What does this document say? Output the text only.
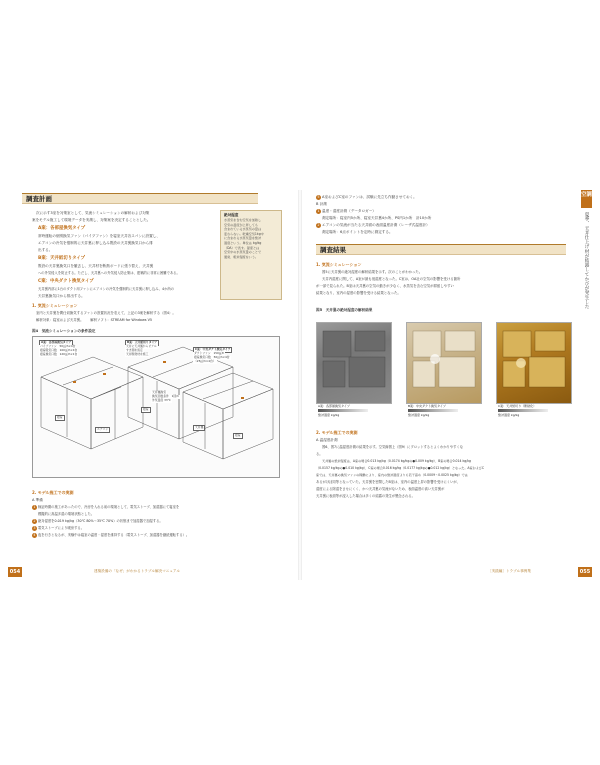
調査計画
次に示す3室を対策室として、気流シミュレーションの解析および対策
案をモデル施工して環境データを実測し、対策案を決定することとした。
A案：各部屋換気タイプ
常時運転の個別換気ファン（パイプファン）を寝室天井各スパンに設置し、
エアコンの冷気を強制的に天井裏に押し込み既設の天井裏換気口から排
出する。
B案：天井紙切りタイプ
既設の天井裏換気口を撤去し、天井材を断熱ボードに張り替え、天井裏
への外気侵入を防止する。ただし、天井裏への外気侵入防止策は、建築的に非常に困難である。
C案：中央ダクト換気タイプ
天井裏内部に1台のダクト用ファンにエアコンの冷気を強制的に天井裏に押し込み、4か所の
天井裏換気口から排出する。
1. 気流シミュレーション
室内と天井裏を間仕切換気するファンの設置状況を変えて、上記の3案を解析する（図4）。
解析対象：寝室および天井裏。　　解析ソフト：STREAM for Windows V5
図4　気流シミュレーションの条件設定
絶対湿度
水蒸気を含む空気を加熱し
空気の温度が上昇しても
含まれている水蒸気の量は
変わらない。乾燥空気1kg中
に含まれる水蒸気量を絶対
湿度という。単位は kg/kg
（DA）で表す。湿度とは
空気中の水蒸気量のことで
通常、相対湿度をいう。
A案：各部屋換気タイプ
パイプファン　50㎥/h×4台
寝室吸気口数　100㎥/h×4台
寝室換気口数　120㎥/h×1台
B案：天井紙切りタイプ
天井に天井裏からピアル
すき間を設定
天井断熱材を施工
C案：中央ダクト換気タイプ
ダクトファン　150㎥/h
寝室換気口数　50㎥/h×4台
（25㎥/h×4台）
寝室
寝室
寝室
エアコン	天井裏
天井裏換気
換気回数条件　1回/h
外気温度 33℃
2. モデル施工での実測
A 準備
1 検証時期の施工があったので、冷房を入れる前の環境として、電気ストーブ、加湿器にて寝室を
模擬的に高温多湿の環境状態とした。
2 絶対湿度を0.019 kg/kg（30℃ 80%〜35℃ 70%）の状態まで加湿器で加湿する。
3 電気ストーブにより暖房する。
4 夜を行きとなるが、実験中は寝室の温度・湿度を維持する（電気ストーブ、加湿器を継続運転する）。
054	建築設備の「なぜ」がわかるトラブル解決マニュアル
5 A室およびC室のファンは、試験に先立ち作動させておく。
B 計測
1 温度・湿度計測（データロガー）
測定場所：寝室内5か所、寝室天井裏4か所、PS内1か所　計10か所
2 エアコンの気流が当たる天井面の表面温度計測（レーザ式温度計）
測定場所：6点ポイントを定時に測定する。
調査結果
1. 気流シミュレーション
図5に天井裏の絶対湿度の解析結果を示す。次のことがわかった。
天井内湿度に関して、A室が最も低湿度となった。C室は、OA社の空気の影響を受ける箇所
が一部で見られた。B室は天井裏の空気の動きが少なく、水蒸気を含む空気が滞留しやすい
結果となり、室内の湿度の影響を受ける結果となった。
図5　天井裏の絶対湿度の解析結果
A案：各部屋換気タイプ	B案：中央ダクト換気タイプ	C案：天井紙切り（断熱化）
絶対湿度 kg/kg	絶対湿度 kg/kg	絶対湿度 kg/kg
2. モデル施工での実測
A 温湿度計測
図6、図7に温湿度計測の結果を示す。空気線図上（図9）にプロットするとよくわかりやすくな
る。
天井裏の絶対湿度は、A室の場合0.013 kg/kg（0.0174 kg/kgの●0.009 kg/kg）、B室の場合0.014 kg/kg
（0.0157 kg/kgの●0.010 kg/kg）、C室の場合0.016 kg/kg（0.0177 kg/kgの●0.012 kg/kg）となった。A室およびC
室では、天井裏の換気ファンの稼働により、室内の絶対湿度よりも若干高め（0.0009〜0.0025 kg/kg）では
あるがほぼ同等となっていた。天井裏を密閉したB室は、室内の温度上昇の影響を受けにくいが、
湿度による除湿をさせにくく、かつ天井裏の気流がないため、表面温度の高い天井裏が
天井裏に表面等が浸入した場合は多くの結露の発生が懸念される。
［実践編］トラブル事例集	055
空調
夏季、天井仕上げ材が結露してかびが発生した
